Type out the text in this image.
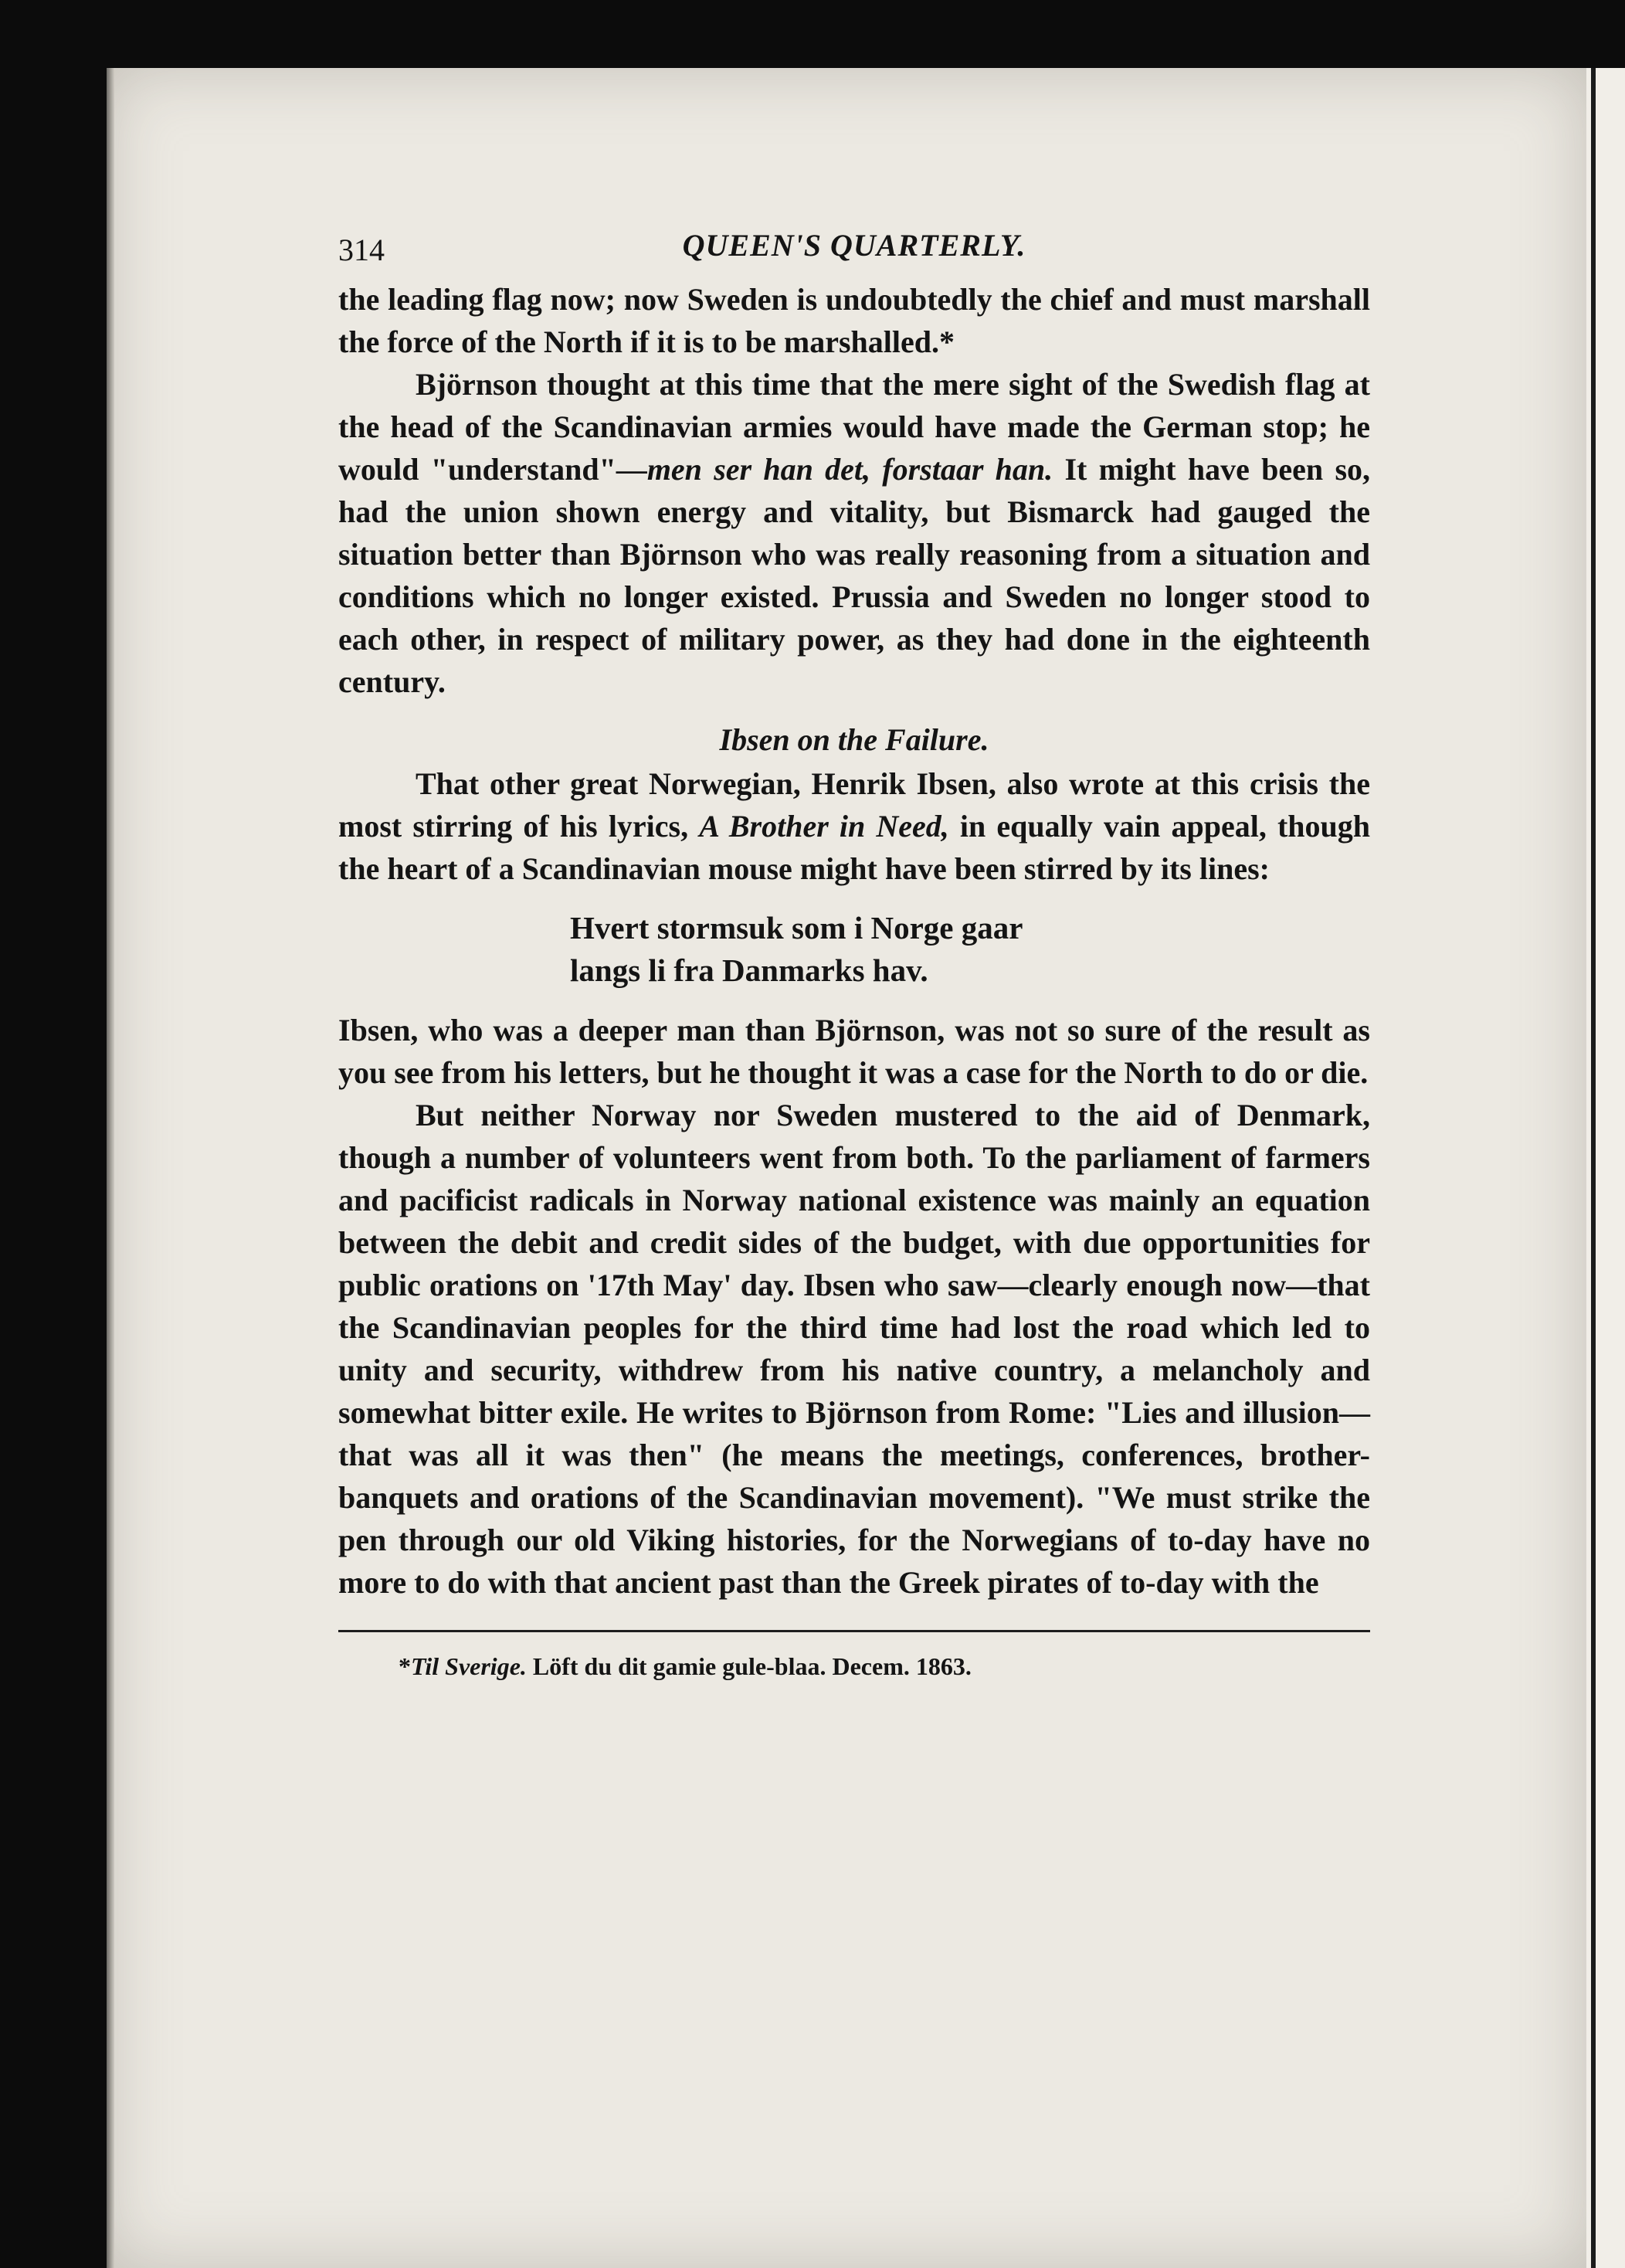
314	QUEEN'S QUARTERLY.

the leading flag now; now Sweden is undoubtedly the chief and must marshall the force of the North if it is to be marshalled.*

Björnson thought at this time that the mere sight of the Swedish flag at the head of the Scandinavian armies would have made the German stop; he would "understand"—men ser han det, forstaar han. It might have been so, had the union shown energy and vitality, but Bismarck had gauged the situation better than Björnson who was really reasoning from a situation and conditions which no longer existed. Prussia and Sweden no longer stood to each other, in respect of military power, as they had done in the eighteenth century.

Ibsen on the Failure.

That other great Norwegian, Henrik Ibsen, also wrote at this crisis the most stirring of his lyrics, A Brother in Need, in equally vain appeal, though the heart of a Scandinavian mouse might have been stirred by its lines:

Hvert stormsuk som i Norge gaar
langs li fra Danmarks hav.

Ibsen, who was a deeper man than Björnson, was not so sure of the result as you see from his letters, but he thought it was a case for the North to do or die.

But neither Norway nor Sweden mustered to the aid of Denmark, though a number of volunteers went from both. To the parliament of farmers and pacificist radicals in Norway national existence was mainly an equation between the debit and credit sides of the budget, with due opportunities for public orations on '17th May' day. Ibsen who saw—clearly enough now—that the Scandinavian peoples for the third time had lost the road which led to unity and security, withdrew from his native country, a melancholy and somewhat bitter exile. He writes to Björnson from Rome: "Lies and illusion—that was all it was then" (he means the meetings, conferences, brother-banquets and orations of the Scandinavian movement). "We must strike the pen through our old Viking histories, for the Norwegians of to-day have no more to do with that ancient past than the Greek pirates of to-day with the

*Til Sverige. Löft du dit gamie gule-blaa. Decem. 1863.
